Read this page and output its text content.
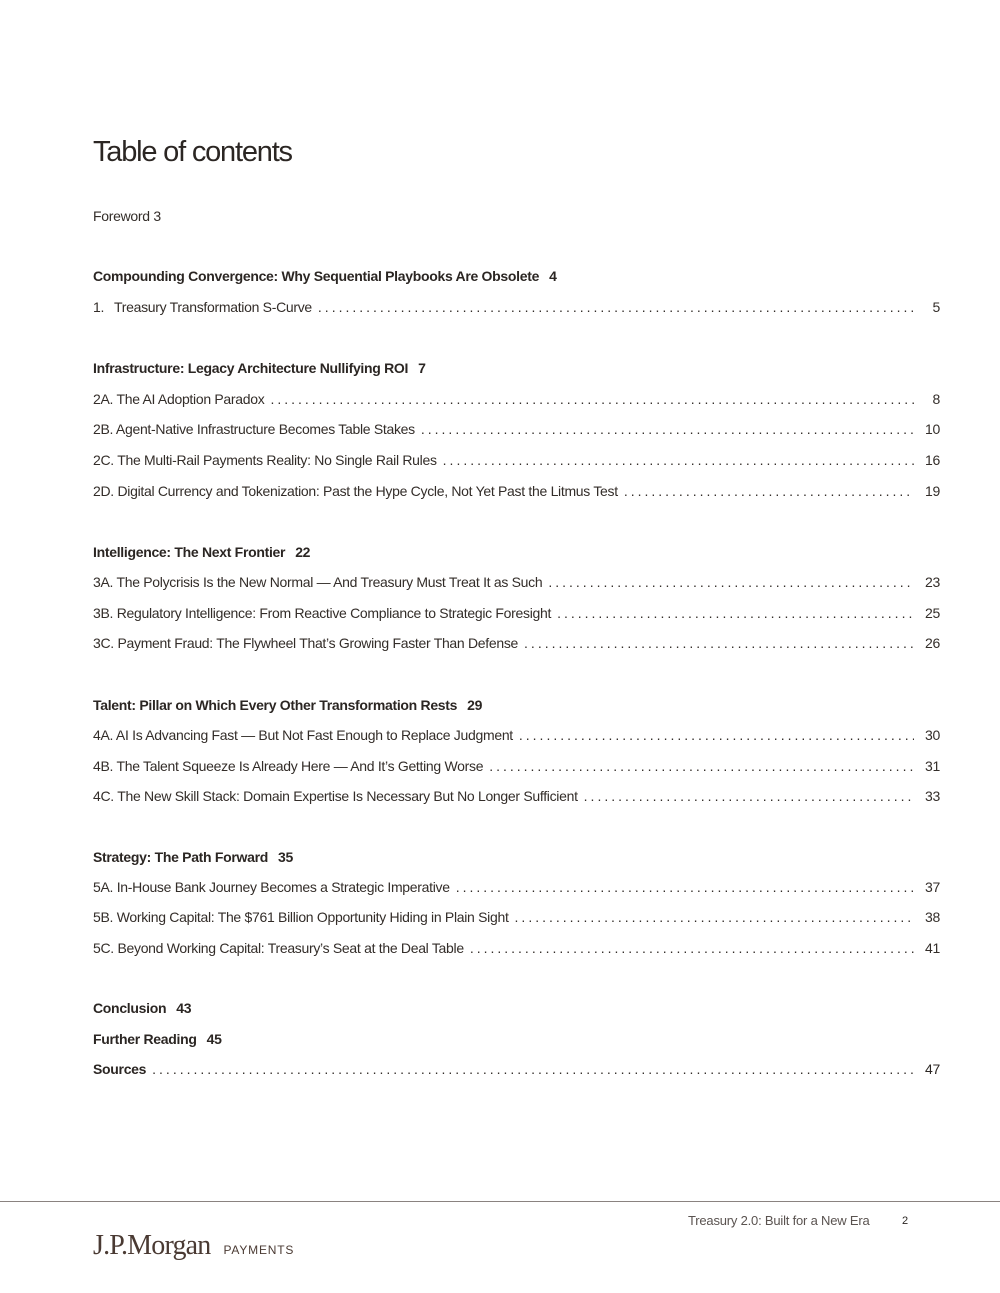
Table of contents
Foreword 3
Compounding Convergence: Why Sequential Playbooks Are Obsolete 4
1. Treasury Transformation S-Curve .....	5
Infrastructure: Legacy Architecture Nullifying ROI 7
2A. The AI Adoption Paradox .....	8
2B. Agent-Native Infrastructure Becomes Table Stakes .....	10
2C. The Multi-Rail Payments Reality: No Single Rail Rules .....	16
2D. Digital Currency and Tokenization: Past the Hype Cycle, Not Yet Past the Litmus Test .....	19
Intelligence: The Next Frontier 22
3A. The Polycrisis Is the New Normal — And Treasury Must Treat It as Such .....	23
3B. Regulatory Intelligence: From Reactive Compliance to Strategic Foresight .....	25
3C. Payment Fraud: The Flywheel That’s Growing Faster Than Defense .....	26
Talent: Pillar on Which Every Other Transformation Rests 29
4A. AI Is Advancing Fast — But Not Fast Enough to Replace Judgment .....	30
4B. The Talent Squeeze Is Already Here — And It’s Getting Worse .....	31
4C. The New Skill Stack: Domain Expertise Is Necessary But No Longer Sufficient .....	33
Strategy: The Path Forward 35
5A. In-House Bank Journey Becomes a Strategic Imperative .....	37
5B. Working Capital: The $761 Billion Opportunity Hiding in Plain Sight .....	38
5C. Beyond Working Capital: Treasury’s Seat at the Deal Table .....	41
Conclusion 43
Further Reading 45
Sources .....	47
Treasury 2.0: Built for a New Era	2
J.P.Morgan PAYMENTS
